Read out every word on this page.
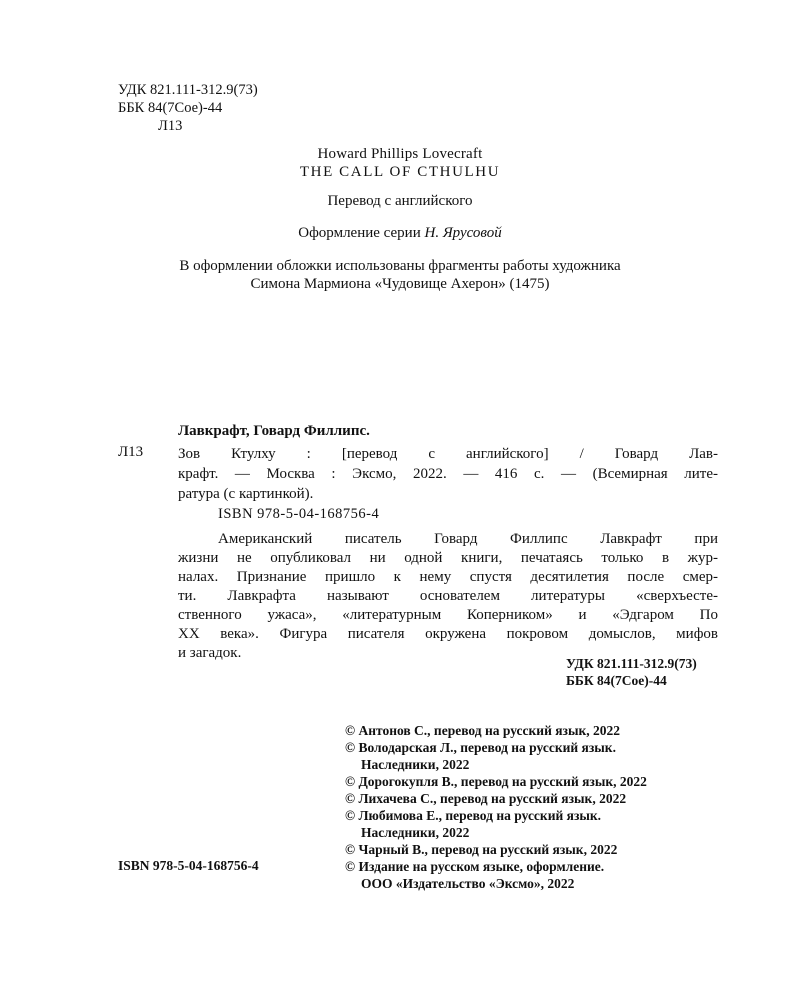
УДК 821.111-312.9(73)
ББК 84(7Сое)-44
Л13
Howard Phillips Lovecraft
THE CALL OF CTHULHU
Перевод с английского
Оформление серии Н. Ярусовой
В оформлении обложки использованы фрагменты работы художника
Симона Мармиона «Чудовище Ахерон» (1475)
Лавкрафт, Говард Филлипс.
Л13 Зов Ктулху : [перевод с английского] / Говард Лав-
крафт. — Москва : Эксмо, 2022. — 416 с. — (Всемирная лите-
ратура (с картинкой).
ISBN 978-5-04-168756-4
Американский писатель Говард Филлипс Лавкрафт при
жизни не опубликовал ни одной книги, печатаясь только в жур-
налах. Признание пришло к нему спустя десятилетия после смер-
ти. Лавкрафта называют основателем литературы «сверхъесте-
ственного ужаса», «литературным Коперником» и «Эдгаром По
XX века». Фигура писателя окружена покровом домыслов, мифов
и загадок.
УДК 821.111-312.9(73)
ББК 84(7Сое)-44
© Антонов С., перевод на русский язык, 2022
© Володарская Л., перевод на русский язык.
Наследники, 2022
© Дорогокупля В., перевод на русский язык, 2022
© Лихачева С., перевод на русский язык, 2022
© Любимова Е., перевод на русский язык.
Наследники, 2022
© Чарный В., перевод на русский язык, 2022
© Издание на русском языке, оформление.
ООО «Издательство «Эксмо», 2022
ISBN 978-5-04-168756-4
